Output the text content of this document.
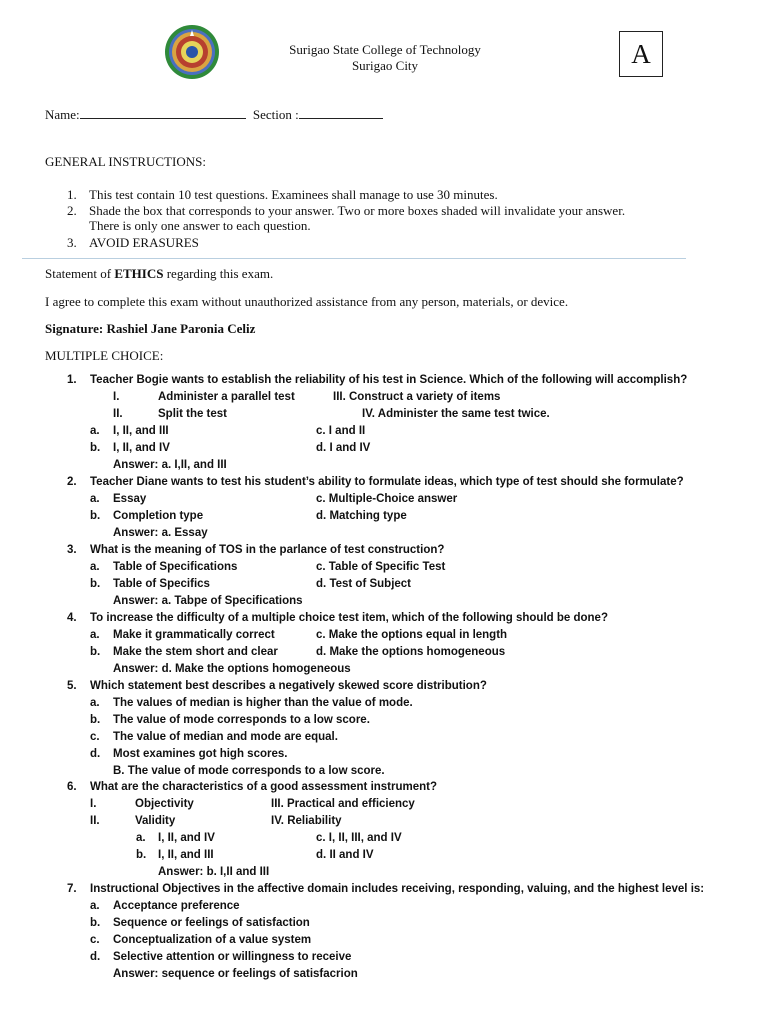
Surigao State College of Technology
Surigao City	A
Name:	Section :
GENERAL INSTRUCTIONS:
1. This test contain 10 test questions. Examinees shall manage to use 30 minutes.
2. Shade the box that corresponds to your answer. Two or more boxes shaded will invalidate your answer.
There is only one answer to each question.
3. AVOID ERASURES
Statement of ETHICS regarding this exam.
I agree to complete this exam without unauthorized assistance from any person, materials, or device.
Signature: Rashiel Jane Paronia Celiz
MULTIPLE CHOICE:
1. Teacher Bogie wants to establish the reliability of his test in Science. Which of the following will accomplish?
I.	Administer a parallel test	III. Construct a variety of items
II.	Split the test	IV. Administer the same test twice.
a. I, II, and III	c. I and II
b. I, II, and IV	d. I and IV
Answer: a. I,II, and III
2. Teacher Diane wants to test his student’s ability to formulate ideas, which type of test should she formulate?
a. Essay	c. Multiple-Choice answer
b. Completion type	d. Matching type
Answer: a. Essay
3. What is the meaning of TOS in the parlance of test construction?
a. Table of Specifications	c. Table of Specific Test
b. Table of Specifics	d. Test of Subject
Answer: a. Tabpe of Specifications
4. To increase the difficulty of a multiple choice test item, which of the following should be done?
a. Make it grammatically correct	c. Make the options equal in length
b. Make the stem short and clear	d. Make the options homogeneous
Answer: d. Make the options homogeneous
5. Which statement best describes a negatively skewed score distribution?
a. The values of median is higher than the value of mode.
b. The value of mode corresponds to a low score.
c. The value of median and mode are equal.
d. Most examines got high scores.
B. The value of mode corresponds to a low score.
6. What are the characteristics of a good assessment instrument?
I.	Objectivity	III. Practical and efficiency
II.	Validity	IV. Reliability
a. I, II, and IV	c. I, II, III, and IV
b. I, II, and III	d. II and IV
Answer: b. I,II and III
7. Instructional Objectives in the affective domain includes receiving, responding, valuing, and the highest level is:
a. Acceptance preference
b. Sequence or feelings of satisfaction
c. Conceptualization of a value system
d. Selective attention or willingness to receive
Answer: sequence or feelings of satisfacrion
